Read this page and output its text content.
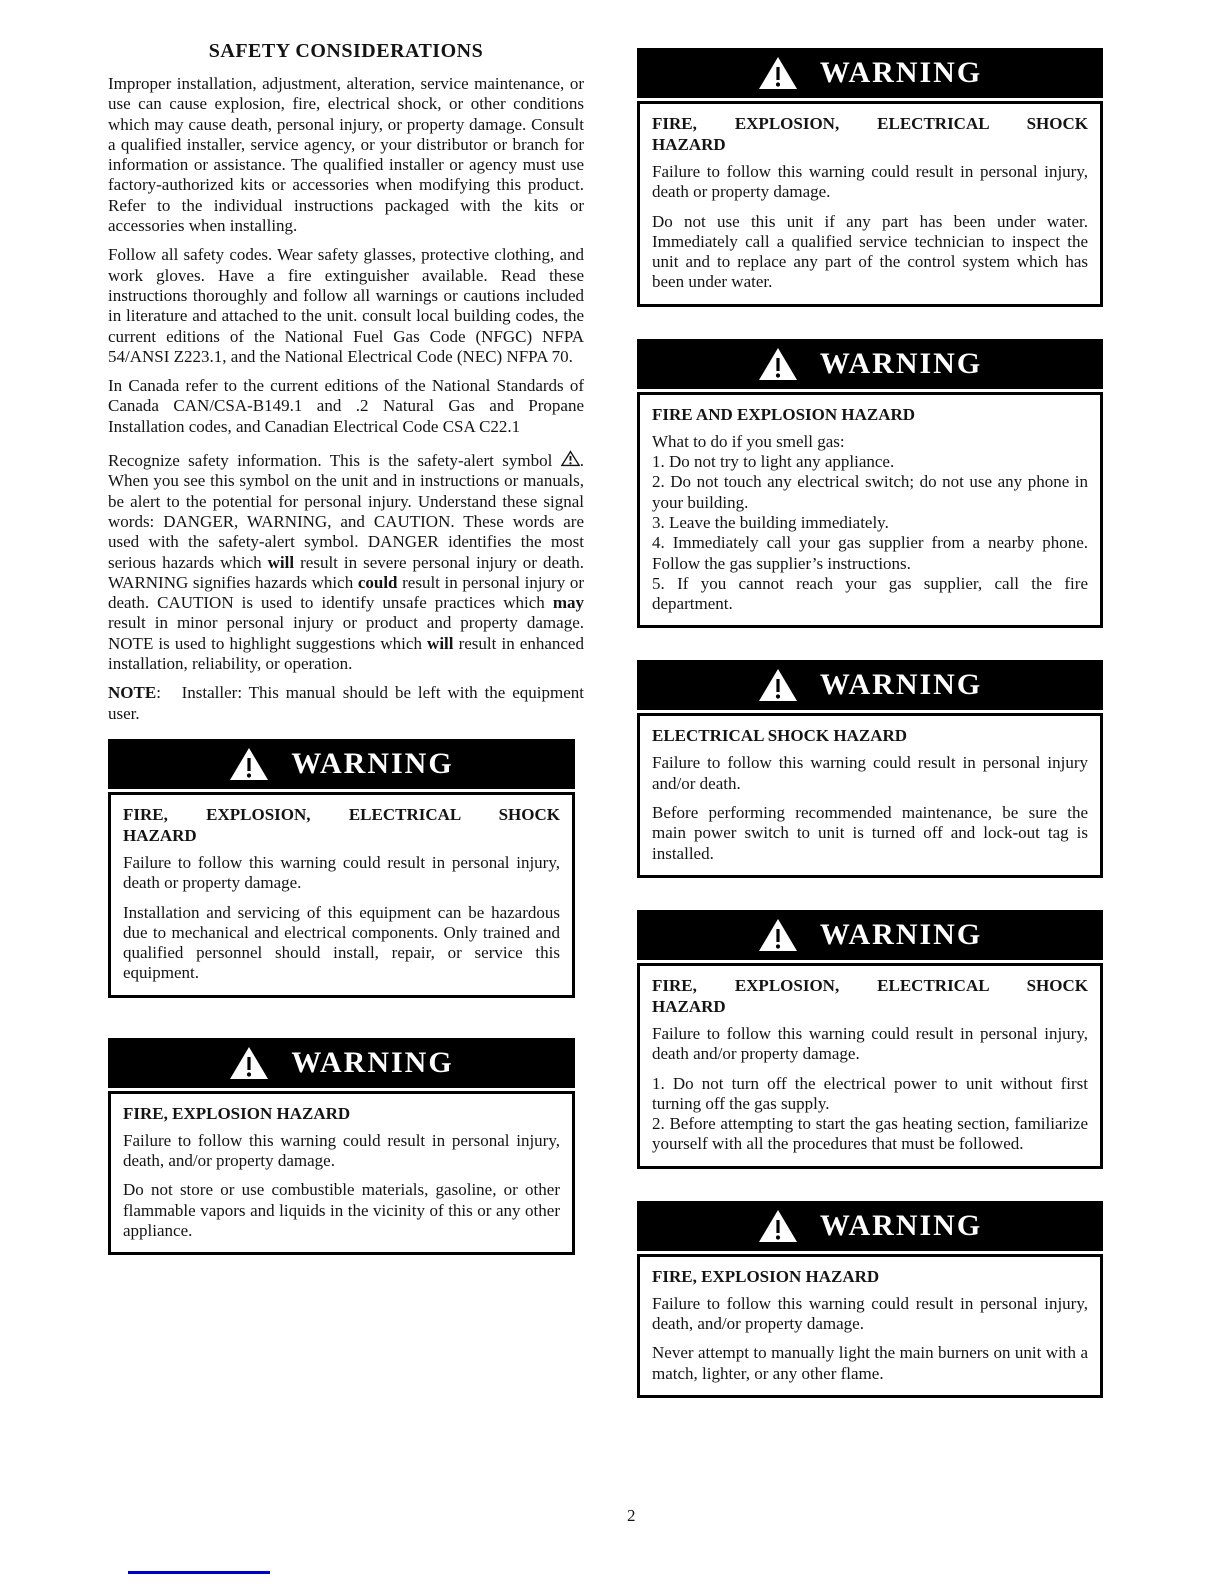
SAFETY CONSIDERATIONS

Improper installation, adjustment, alteration, service maintenance, or use can cause explosion, fire, electrical shock, or other conditions which may cause death, personal injury, or property damage. Consult a qualified installer, service agency, or your distributor or branch for information or assistance. The qualified installer or agency must use factory-authorized kits or accessories when modifying this product. Refer to the individual instructions packaged with the kits or accessories when installing.

Follow all safety codes. Wear safety glasses, protective clothing, and work gloves. Have a fire extinguisher available. Read these instructions thoroughly and follow all warnings or cautions included in literature and attached to the unit. consult local building codes, the current editions of the National Fuel Gas Code (NFGC) NFPA 54/ANSI Z223.1, and the National Electrical Code (NEC) NFPA 70.

In Canada refer to the current editions of the National Standards of Canada CAN/CSA-B149.1 and .2 Natural Gas and Propane Installation codes, and Canadian Electrical Code CSA C22.1

Recognize safety information. This is the safety-alert symbol . When you see this symbol on the unit and in instructions or manuals, be alert to the potential for personal injury. Understand these signal words: DANGER, WARNING, and CAUTION. These words are used with the safety-alert symbol. DANGER identifies the most serious hazards which will result in severe personal injury or death. WARNING signifies hazards which could result in personal injury or death. CAUTION is used to identify unsafe practices which may result in minor personal injury or product and property damage. NOTE is used to highlight suggestions which will result in enhanced installation, reliability, or operation.

NOTE:   Installer: This manual should be left with the equipment user.

WARNING
FIRE, EXPLOSION, ELECTRICAL SHOCK
HAZARD

Failure to follow this warning could result in personal injury, death or property damage.

Installation and servicing of this equipment can be hazardous due to mechanical and electrical components. Only trained and qualified personnel should install, repair, or service this equipment.

WARNING
FIRE, EXPLOSION HAZARD

Failure to follow this warning could result in personal injury, death, and/or property damage.

Do not store or use combustible materials, gasoline, or other flammable vapors and liquids in the vicinity of this or any other appliance.

WARNING
FIRE, EXPLOSION, ELECTRICAL SHOCK
HAZARD

Failure to follow this warning could result in personal injury, death or property damage.

Do not use this unit if any part has been under water. Immediately call a qualified service technician to inspect the unit and to replace any part of the control system which has been under water.

WARNING
FIRE AND EXPLOSION HAZARD
What to do if you smell gas:
1. Do not try to light any appliance.
2. Do not touch any electrical switch; do not use any phone in your building.
3. Leave the building immediately.
4. Immediately call your gas supplier from a nearby phone. Follow the gas supplier’s instructions.
5. If you cannot reach your gas supplier, call the fire department.
WARNING
ELECTRICAL SHOCK HAZARD

Failure to follow this warning could result in personal injury and/or death.

Before performing recommended maintenance, be sure the main power switch to unit is turned off and lock-out tag is installed.

WARNING
FIRE, EXPLOSION, ELECTRICAL SHOCK
HAZARD

Failure to follow this warning could result in personal injury, death and/or property damage.

1. Do not turn off the electrical power to unit without first turning off the gas supply.
2. Before attempting to start the gas heating section, familiarize yourself with all the procedures that must be followed.
WARNING
FIRE, EXPLOSION HAZARD

Failure to follow this warning could result in personal injury, death, and/or property damage.

Never attempt to manually light the main burners on unit with a match, lighter, or any other flame.

2
